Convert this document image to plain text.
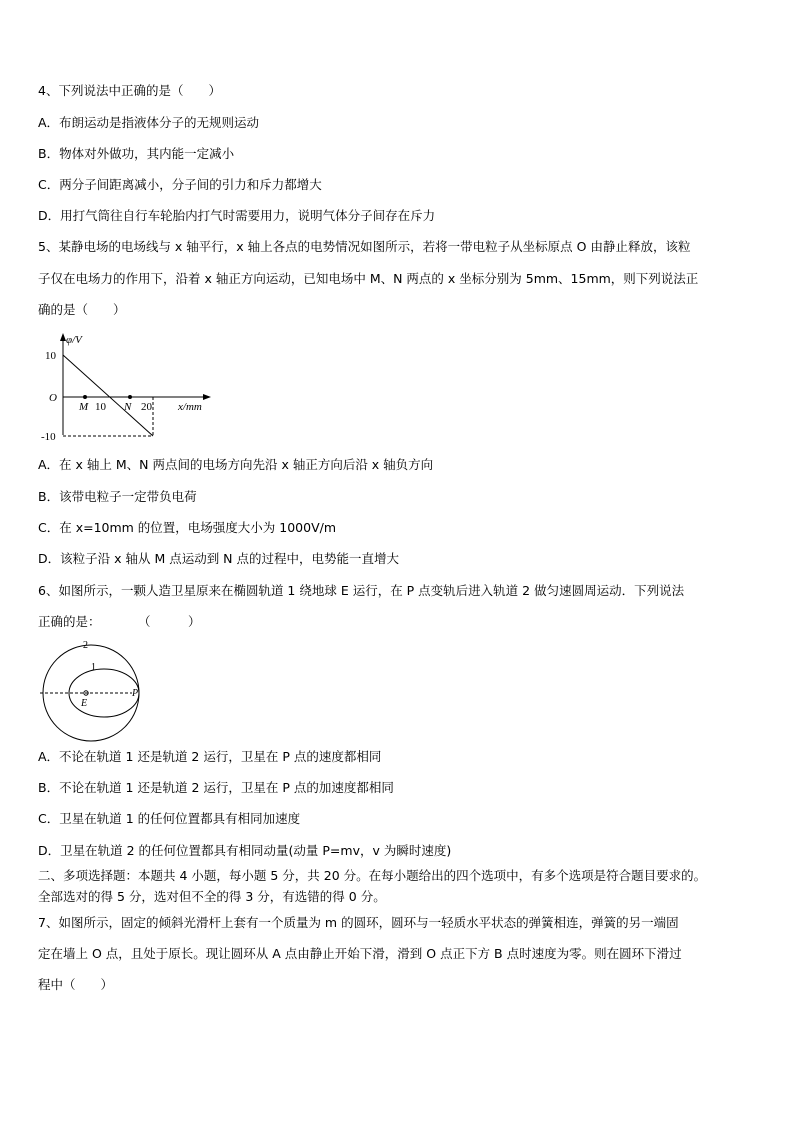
4、下列说法中正确的是（　　）
A．布朗运动是指液体分子的无规则运动
B．物体对外做功，其内能一定减小
C．两分子间距离减小，分子间的引力和斥力都增大
D．用打气筒往自行车轮胎内打气时需要用力，说明气体分子间存在斥力
5、某静电场的电场线与 x 轴平行，x 轴上各点的电势情况如图所示，若将一带电粒子从坐标原点 O 由静止释放，该粒
子仅在电场力的作用下，沿着 x 轴正方向运动，已知电场中 M、N 两点的 x 坐标分别为 5mm、15mm，则下列说法正
确的是（　　）
φ/V
10
O
-10
M 10 N 20 x/mm
A．在 x 轴上 M、N 两点间的电场方向先沿 x 轴正方向后沿 x 轴负方向
B．该带电粒子一定带负电荷
C．在 x=10mm 的位置，电场强度大小为 1000V/m
D．该粒子沿 x 轴从 M 点运动到 N 点的过程中，电势能一直增大
6、如图所示，一颗人造卫星原来在椭圆轨道 1 绕地球 E 运行，在 P 点变轨后进入轨道 2 做匀速圆周运动．下列说法
正确的是：　　　　（　　　）
2
1
E
P
A．不论在轨道 1 还是轨道 2 运行，卫星在 P 点的速度都相同
B．不论在轨道 1 还是轨道 2 运行，卫星在 P 点的加速度都相同
C．卫星在轨道 1 的任何位置都具有相同加速度
D．卫星在轨道 2 的任何位置都具有相同动量(动量 P=mv，v 为瞬时速度)
二、多项选择题：本题共 4 小题，每小题 5 分，共 20 分。在每小题给出的四个选项中，有多个选项是符合题目要求的。
全部选对的得 5 分，选对但不全的得 3 分，有选错的得 0 分。
7、如图所示，固定的倾斜光滑杆上套有一个质量为 m 的圆环，圆环与一轻质水平状态的弹簧相连，弹簧的另一端固
定在墙上 O 点，且处于原长。现让圆环从 A 点由静止开始下滑，滑到 O 点正下方 B 点时速度为零。则在圆环下滑过
程中（　　）
